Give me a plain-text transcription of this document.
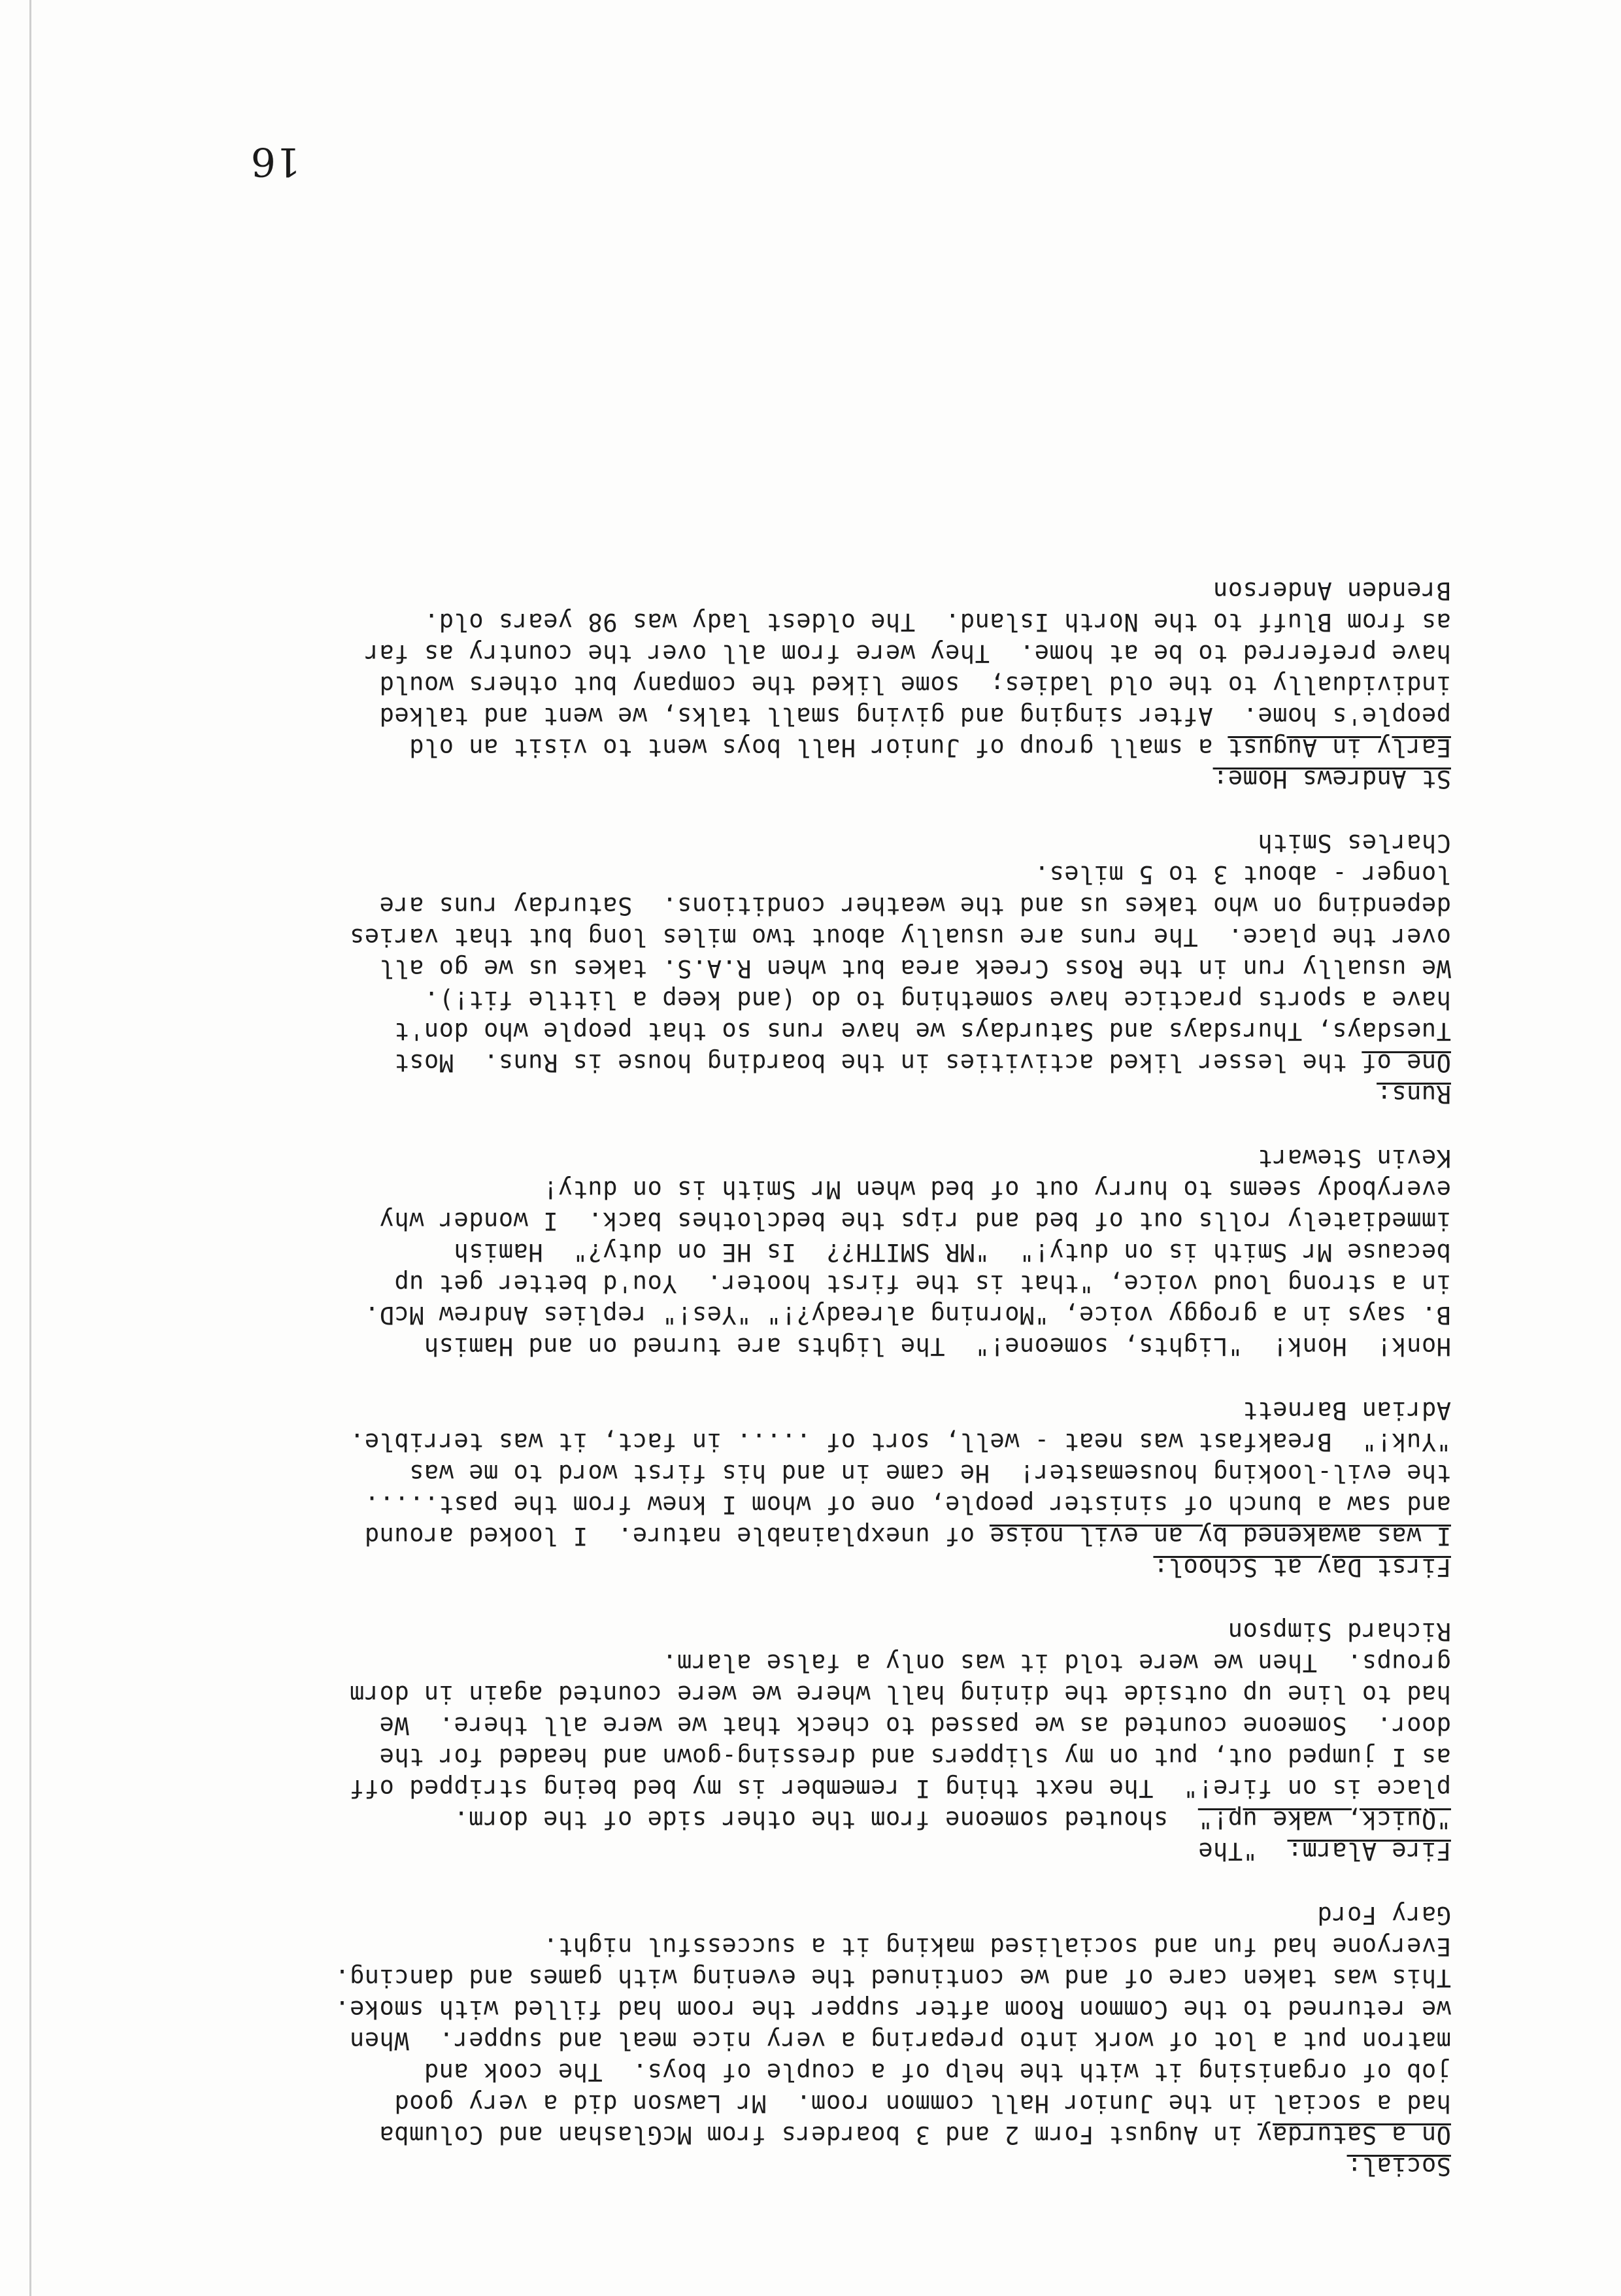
Social:
On a Saturday in August Form 2 and 3 boarders from McGlashan and Columba
had a social in the Junior Hall common room.  Mr Lawson did a very good
job of organising it with the help of a couple of boys.  The cook and
matron put a lot of work into preparing a very nice meal and supper.  When
we returned to the Common Room after supper the room had filled with smoke.
This was taken care of and we continued the evening with games and dancing.
Everyone had fun and socialised making it a successful night.
Gary Ford
Fire Alarm:  "The
"Quick, wake up!"  shouted someone from the other side of the dorm.
place is on fire!"  The next thing I remember is my bed being stripped off
as I jumped out, put on my slippers and dressing-gown and headed for the
door.  Someone counted as we passed to check that we were all there.  We
had to line up outside the dining hall where we were counted again in dorm
groups.  Then we were told it was only a false alarm.
Richard Simpson
First Day at School:
I was awakened by an evil noise of unexplainable nature.  I looked around
and saw a bunch of sinister people, one of whom I knew from the past.....
the evil-looking housemaster!  He came in and his first word to me was
"Yuk!"  Breakfast was neat - well, sort of ..... in fact, it was terrible.
Adrian Barnett
Honk!  Honk!  "Lights, someone!"  The lights are turned on and Hamish
B. says in a groggy voice, "Morning already?!" "Yes!" replies Andrew McD.
in a strong loud voice, "that is the first hooter.  You'd better get up
because Mr Smith is on duty!"  "MR SMITH??  Is HE on duty?"  Hamish
immediately rolls out of bed and rips the bedclothes back.  I wonder why
everybody seems to hurry out of bed when Mr Smith is on duty!
Kevin Stewart
Runs:
One of the lesser liked activities in the boarding house is Runs.  Most
Tuesdays, Thursdays and Saturdays we have runs so that people who don't
have a sports practice have something to do (and keep a little fit!).
We usually run in the Ross Creek area but when R.A.S. takes us we go all
over the place.  The runs are usually about two miles long but that varies
depending on who takes us and the weather conditions.  Saturday runs are
longer - about 3 to 5 miles.
Charles Smith
St Andrews Home:
Early in August a small group of Junior Hall boys went to visit an old
people's home.  After singing and giving small talks, we went and talked
individually to the old ladies;  some liked the company but others would
have preferred to be at home.  They were from all over the country as far
as from Bluff to the North Island.  The oldest lady was 98 years old.
Brenden Anderson
16
